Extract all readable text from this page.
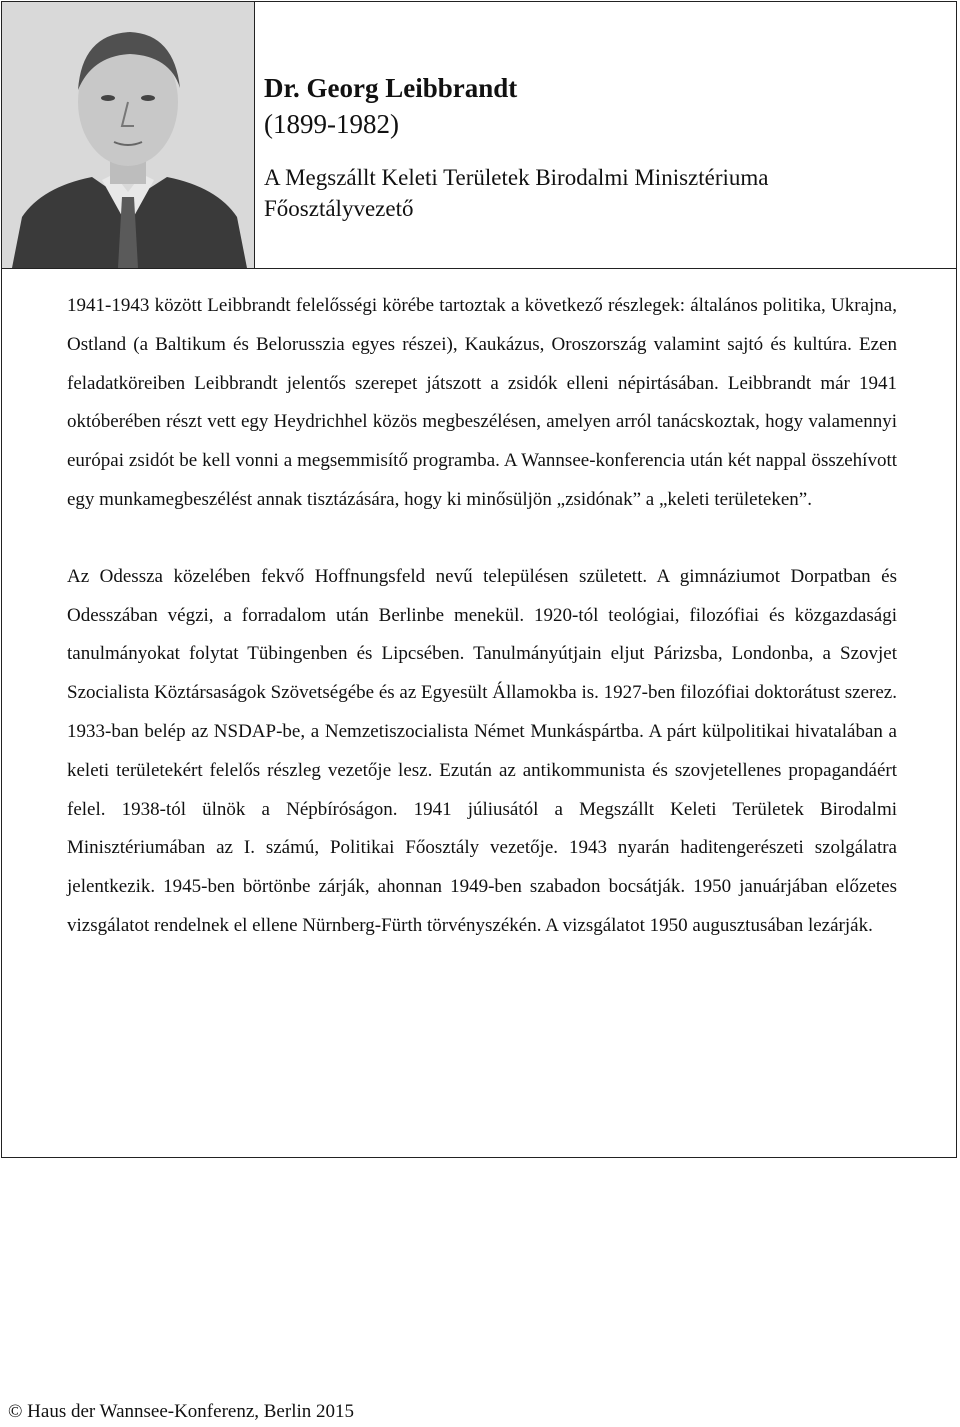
Dr. Georg Leibbrandt
(1899-1982)
A Megszállt Keleti Területek Birodalmi Minisztériuma
Főosztályvezető

1941-1943 között Leibbrandt felelősségi körébe tartoztak a következő részlegek: általános politika, Ukrajna, Ostland (a Baltikum és Belorusszia egyes részei), Kaukázus, Oroszország valamint sajtó és kultúra. Ezen feladatköreiben Leibbrandt jelentős szerepet játszott a zsidók elleni népirtásában. Leibbrandt már 1941 októberében részt vett egy Heydrichhel közös megbeszélésen, amelyen arról tanácskoztak, hogy valamennyi európai zsidót be kell vonni a megsemmisítő programba. A Wannsee-konferencia után két nappal összehívott egy munkamegbeszélést annak tisztázására, hogy ki minősüljön „zsidónak” a „keleti területeken”.

Az Odessza közelében fekvő Hoffnungsfeld nevű településen született. A gimnáziumot Dorpatban és Odesszában végzi, a forradalom után Berlinbe menekül. 1920-tól teológiai, filozófiai és közgazdasági tanulmányokat folytat Tübingenben és Lipcsében. Tanulmányútjain eljut Párizsba, Londonba, a Szovjet Szocialista Köztársaságok Szövetségébe és az Egyesült Államokba is. 1927-ben filozófiai doktorátust szerez. 1933-ban belép az NSDAP-be, a Nemzetiszocialista Német Munkáspártba. A párt külpolitikai hivatalában a keleti területekért felelős részleg vezetője lesz. Ezután az antikommunista és szovjetellenes propagandáért felel. 1938-tól ülnök a Népbíróságon. 1941 júliusától a Megszállt Keleti Területek Birodalmi Minisztériumában az I. számú, Politikai Főosztály vezetője. 1943 nyarán haditengerészeti szolgálatra jelentkezik. 1945-ben börtönbe zárják, ahonnan 1949-ben szabadon bocsátják. 1950 januárjában előzetes vizsgálatot rendelnek el ellene Nürnberg-Fürth törvényszékén. A vizsgálatot 1950 augusztusában lezárják.

© Haus der Wannsee-Konferenz, Berlin 2015
